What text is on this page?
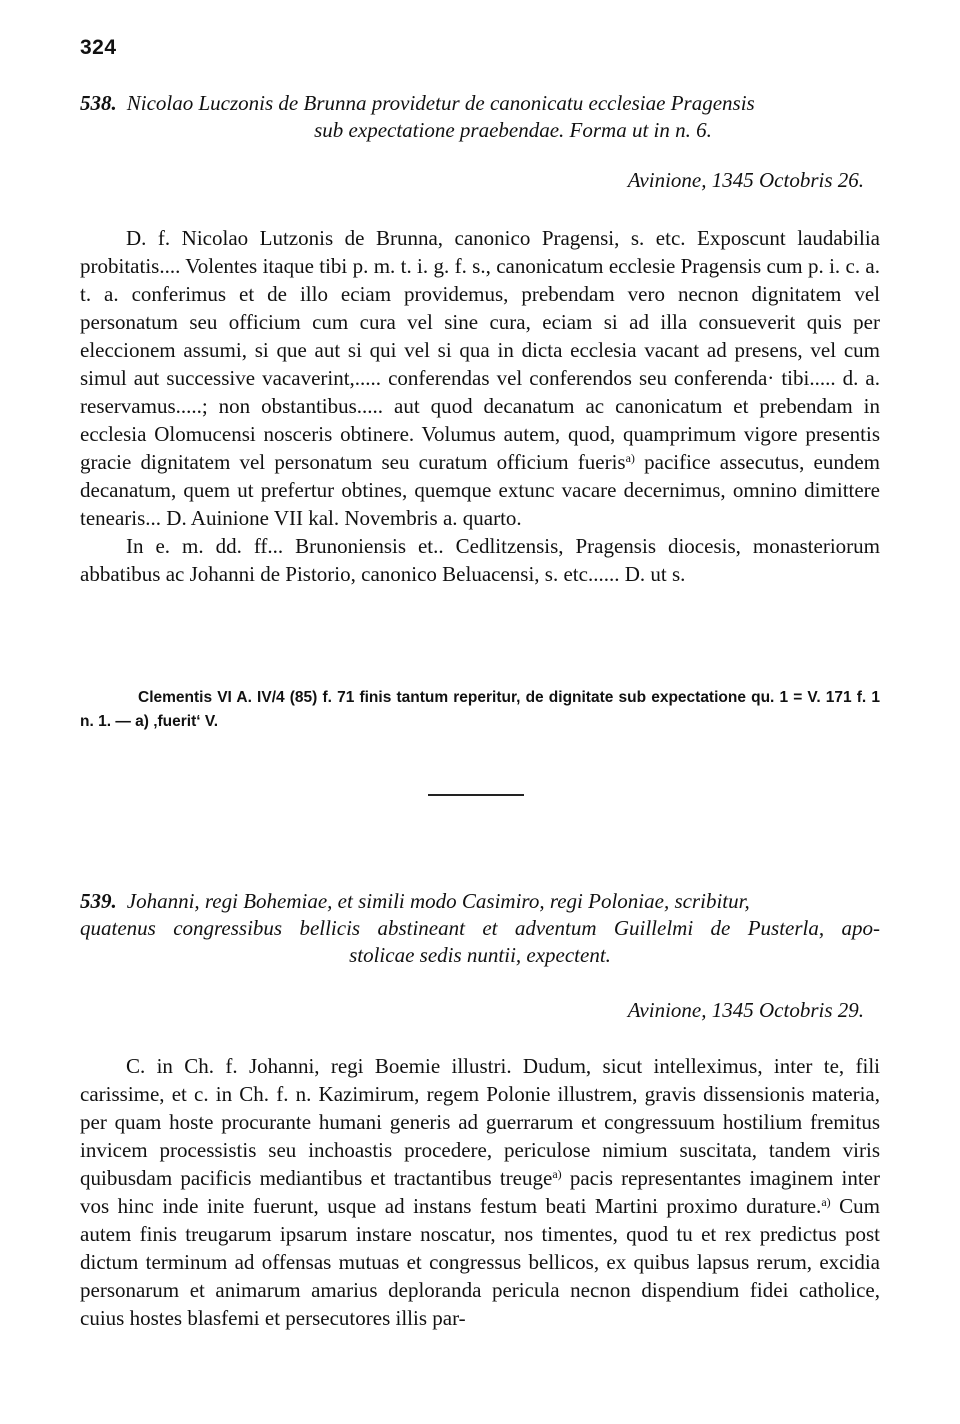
324
538. Nicolao Luczonis de Brunna providetur de canonicatu ecclesiae Pragensis
sub expectatione praebendae. Forma ut in n. 6.
Avinione, 1345 Octobris 26.

D. f. Nicolao Lutzonis de Brunna, canonico Pragensi, s. etc. Exposcunt laudabilia probitatis.... Volentes itaque tibi p. m. t. i. g. f. s., canonicatum ecclesie Pragensis cum p. i. c. a. t. a. conferimus et de illo eciam providemus, prebendam vero necnon dignitatem vel personatum seu officium cum cura vel sine cura, eciam si ad illa consueverit quis per eleccionem assumi, si que aut si qui vel si qua in dicta ecclesia vacant ad presens, vel cum simul aut successive vacaverint,..... conferendas vel conferendos seu conferenda· tibi..... d. a. reservamus.....; non obstantibus..... aut quod decanatum ac canonicatum et prebendam in ecclesia Olomucensi nosceris obtinere. Volumus autem, quod, quamprimum vigore presentis gracie dignitatem vel personatum seu curatum officium fueris$^{a)}$ pacifice assecutus, eundem decanatum, quem ut prefertur obtines, quemque extunc vacare decernimus, omnino dimittere tenearis... D. Auinione VII kal. Novembris a. quarto.

In e. m. dd. ff... Brunoniensis et.. Cedlitzensis, Pragensis diocesis, monasteriorum abbatibus ac Johanni de Pistorio, canonico Beluacensi, s. etc...... D. ut s.

Clementis VI A. IV/4 (85) f. 71 finis tantum reperitur, de dignitate sub expectatione qu. 1 = V. 171 f. 1 n. 1. — a) ‚fuerit‘ V.
539. Johanni, regi Bohemiae, et simili modo Casimiro, regi Poloniae, scribitur,
quatenus congressibus bellicis abstineant et adventum Guillelmi de Pusterla, apo-
stolicae sedis nuntii, expectent.
Avinione, 1345 Octobris 29.

C. in Ch. f. Johanni, regi Boemie illustri. Dudum, sicut intelleximus, inter te, fili carissime, et c. in Ch. f. n. Kazimirum, regem Polonie illustrem, gravis dissensionis materia, per quam hoste procurante humani generis ad guerrarum et congressuum hostilium fremitus invicem processistis seu inchoastis procedere, periculose nimium suscitata, tandem viris quibusdam pacificis mediantibus et tractantibus treuge$^{a)}$ pacis representantes imaginem inter vos hinc inde inite fuerunt, usque ad instans festum beati Martini proximo durature.$^{a)}$ Cum autem finis treugarum ipsarum instare noscatur, nos timentes, quod tu et rex predictus post dictum terminum ad offensas mutuas et congressus bellicos, ex quibus lapsus rerum, excidia personarum et animarum amarius deploranda pericula necnon dispendium fidei catholice, cuius hostes blasfemi et persecutores illis par-
